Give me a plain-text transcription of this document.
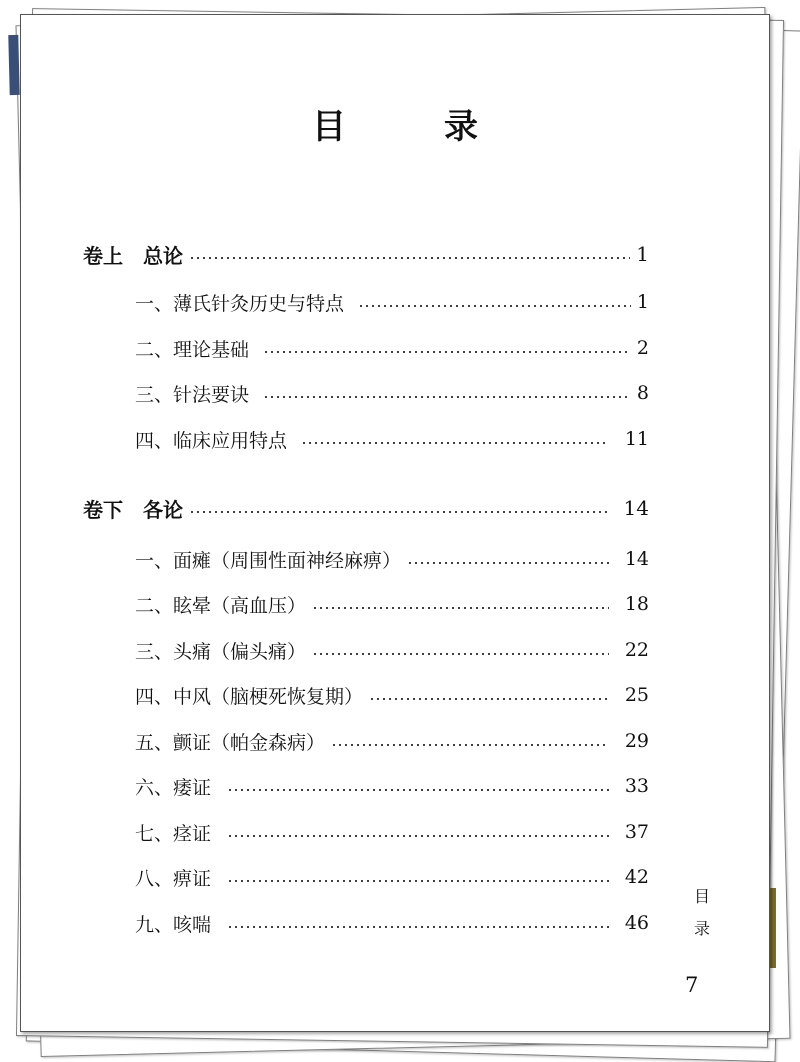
目　录
卷上　总论	1
一、薄氏针灸历史与特点	1
二、理论基础	2
三、针法要诀	8
四、临床应用特点	11
卷下　各论	14
一、面瘫（周围性面神经麻痹）	14
二、眩晕（高血压）	18
三、头痛（偏头痛）	22
四、中风（脑梗死恢复期）	25
五、颤证（帕金森病）	29
六、痿证	33
七、痉证	37
八、痹证	42
九、咳喘	46
目
录
7
